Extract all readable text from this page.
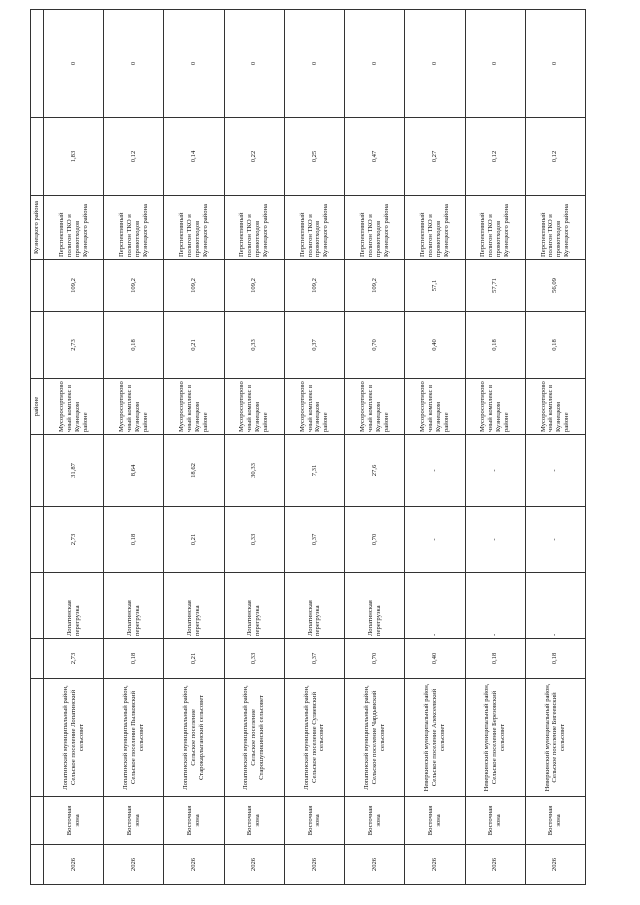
							районе			Кузнецкого района		
2026	Восточная зона	Лопатинский муниципальный район, Сельское поселение Лопатинский сельсовет	2,73	Лопатинская перегрузка	2,73	31,87	Мусоросортировочный комплекс в Кузнецком районе	2,73	109,2	Перспективный полигон ТКО и промотходов Кузнецкого района	1,83	0
2026	Восточная зона	Лопатинский муниципальный район, Сельское поселение Пылковский сельсовет	0,18	Лопатинская перегрузка	0,18	8,64	Мусоросортировочный комплекс в Кузнецком районе	0,18	109,2	Перспективный полигон ТКО и промотходов Кузнецкого района	0,12	0
2026	Восточная зона	Лопатинский муниципальный район, Сельское поселение Старокарлыганский сельсовет	0,21	Лопатинская перегрузка	0,21	18,62	Мусоросортировочный комплекс в Кузнецком районе	0,21	109,2	Перспективный полигон ТКО и промотходов Кузнецкого района	0,14	0
2026	Восточная зона	Лопатинский муниципальный район, Сельское поселение Старошупикинский сельсовет	0,33	Лопатинская перегрузка	0,33	30,33	Мусоросортировочный комплекс в Кузнецком районе	0,33	109,2	Перспективный полигон ТКО и промотходов Кузнецкого района	0,22	0
2026	Восточная зона	Лопатинский муниципальный район, Сельское поселение Суляевский сельсовет	0,37	Лопатинская перегрузка	0,37	7,31	Мусоросортировочный комплекс в Кузнецком районе	0,37	109,2	Перспективный полигон ТКО и промотходов Кузнецкого района	0,25	0
2026	Восточная зона	Лопатинский муниципальный район, Сельское поселение Чардымский сельсовет	0,70	Лопатинская перегрузка	0,70	27,6	Мусоросортировочный комплекс в Кузнецком районе	0,70	109,2	Перспективный полигон ТКО и промотходов Кузнецкого района	0,47	0
2026	Восточная зона	Неверкинский муниципальный район, Сельское поселение Алексеевский сельсовет	0,40	-	-	-	Мусоросортировочный комплекс в Кузнецком районе	0,40	57,1	Перспективный полигон ТКО и промотходов Кузнецкого района	0,27	0
2026	Восточная зона	Неверкинский муниципальный район, Сельское поселение Березовский сельсовет	0,18	-	-	-	Мусоросортировочный комплекс в Кузнецком районе	0,18	57,71	Перспективный полигон ТКО и промотходов Кузнецкого района	0,12	0
2026	Восточная зона	Неверкинский муниципальный район, Сельское поселение Бигеевский сельсовет	0,18	-	-	-	Мусоросортировочный комплекс в Кузнецком районе	0,18	56,09	Перспективный полигон ТКО и промотходов Кузнецкого района	0,12	0
